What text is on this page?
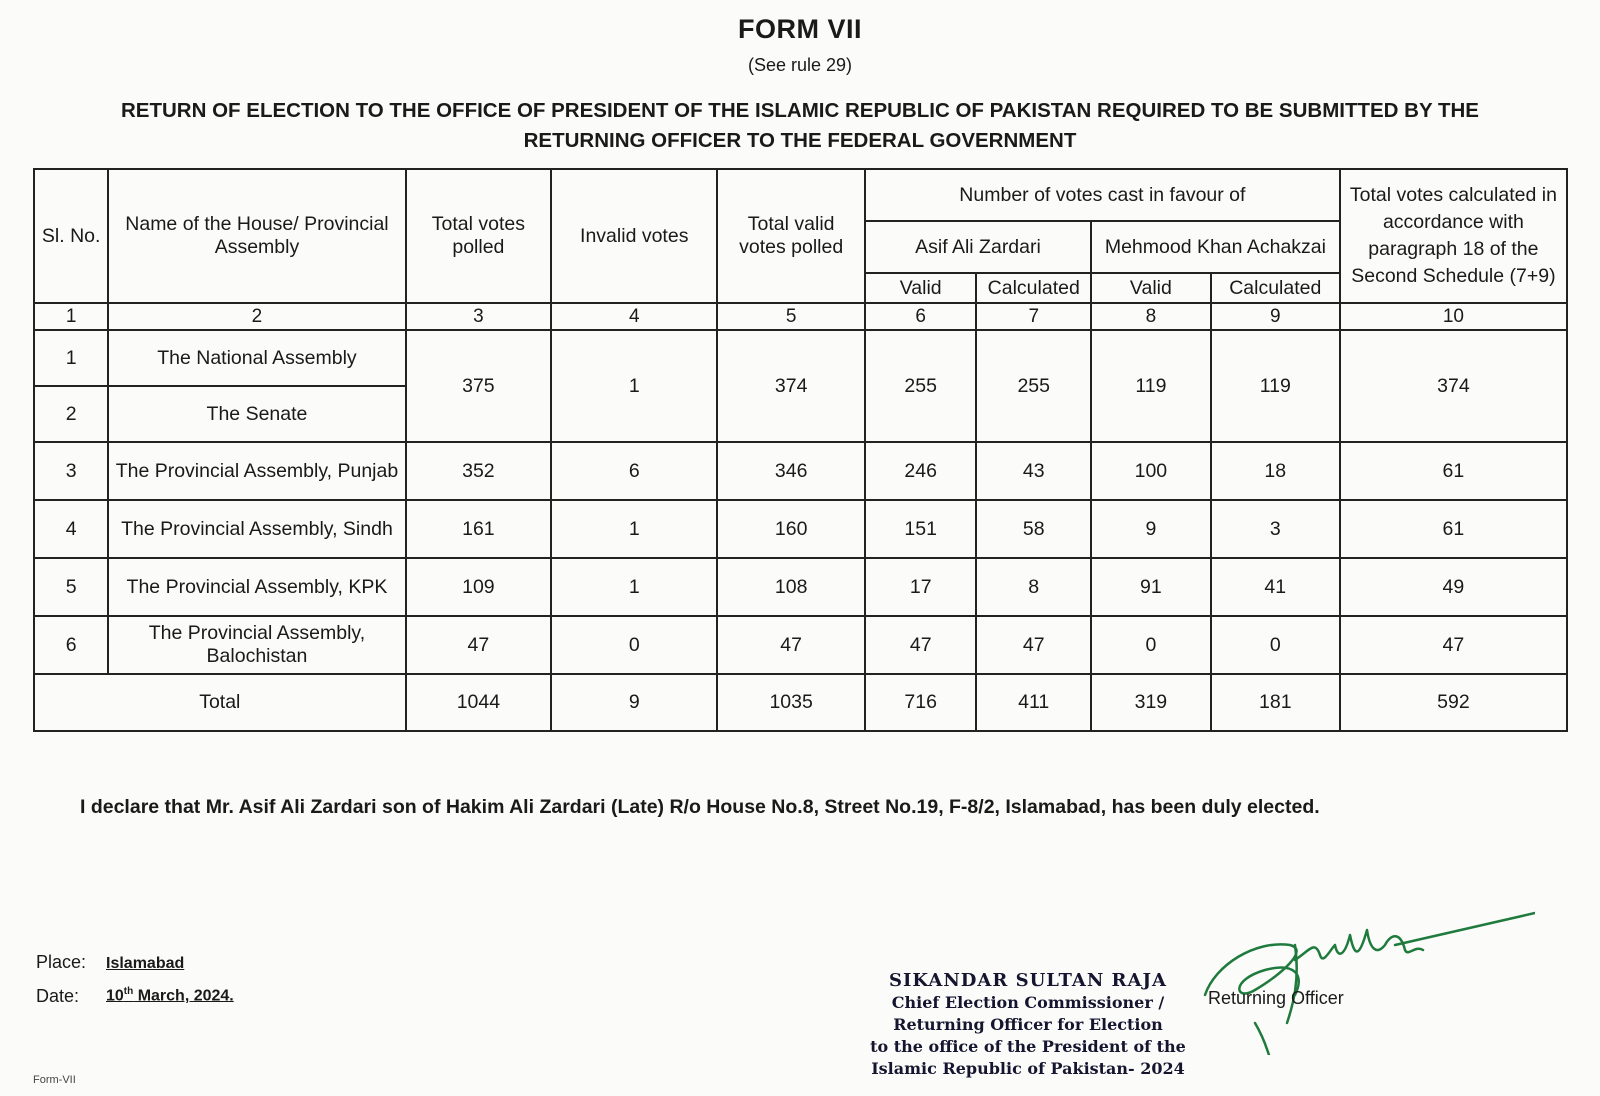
FORM VII
(See rule 29)
RETURN OF ELECTION TO THE OFFICE OF PRESIDENT OF THE ISLAMIC REPUBLIC OF PAKISTAN REQUIRED TO BE SUBMITTED BY THE RETURNING OFFICER TO THE FEDERAL GOVERNMENT
Sl. No.	Name of the House/ Provincial Assembly	Total votes polled	Invalid votes	Total valid votes polled	Number of votes cast in favour of				Total votes calculated in accordance with paragraph 18 of the Second Schedule (7+9)
					Asif Ali Zardari		Mehmood Khan Achakzai		
					Valid	Calculated	Valid	Calculated	
1	2	3	4	5	6	7	8	9	10
1	The National Assembly	375	1	374	255	255	119	119	374
2	The Senate								
3	The Provincial Assembly, Punjab	352	6	346	246	43	100	18	61
4	The Provincial Assembly, Sindh	161	1	160	151	58	9	3	61
5	The Provincial Assembly, KPK	109	1	108	17	8	91	41	49
6	The Provincial Assembly, Balochistan	47	0	47	47	47	0	0	47
Total		1044	9	1035	716	411	319	181	592
I declare that Mr. Asif Ali Zardari son of Hakim Ali Zardari (Late) R/o House No.8, Street No.19, F-8/2, Islamabad, has been duly elected.
Place: Islamabad
Date: 10th March, 2024.
SIKANDAR SULTAN RAJA
Chief Election Commissioner /
Returning Officer for Election
to the office of the President of the
Islamic Republic of Pakistan- 2024
Returning Officer
Form-VII
